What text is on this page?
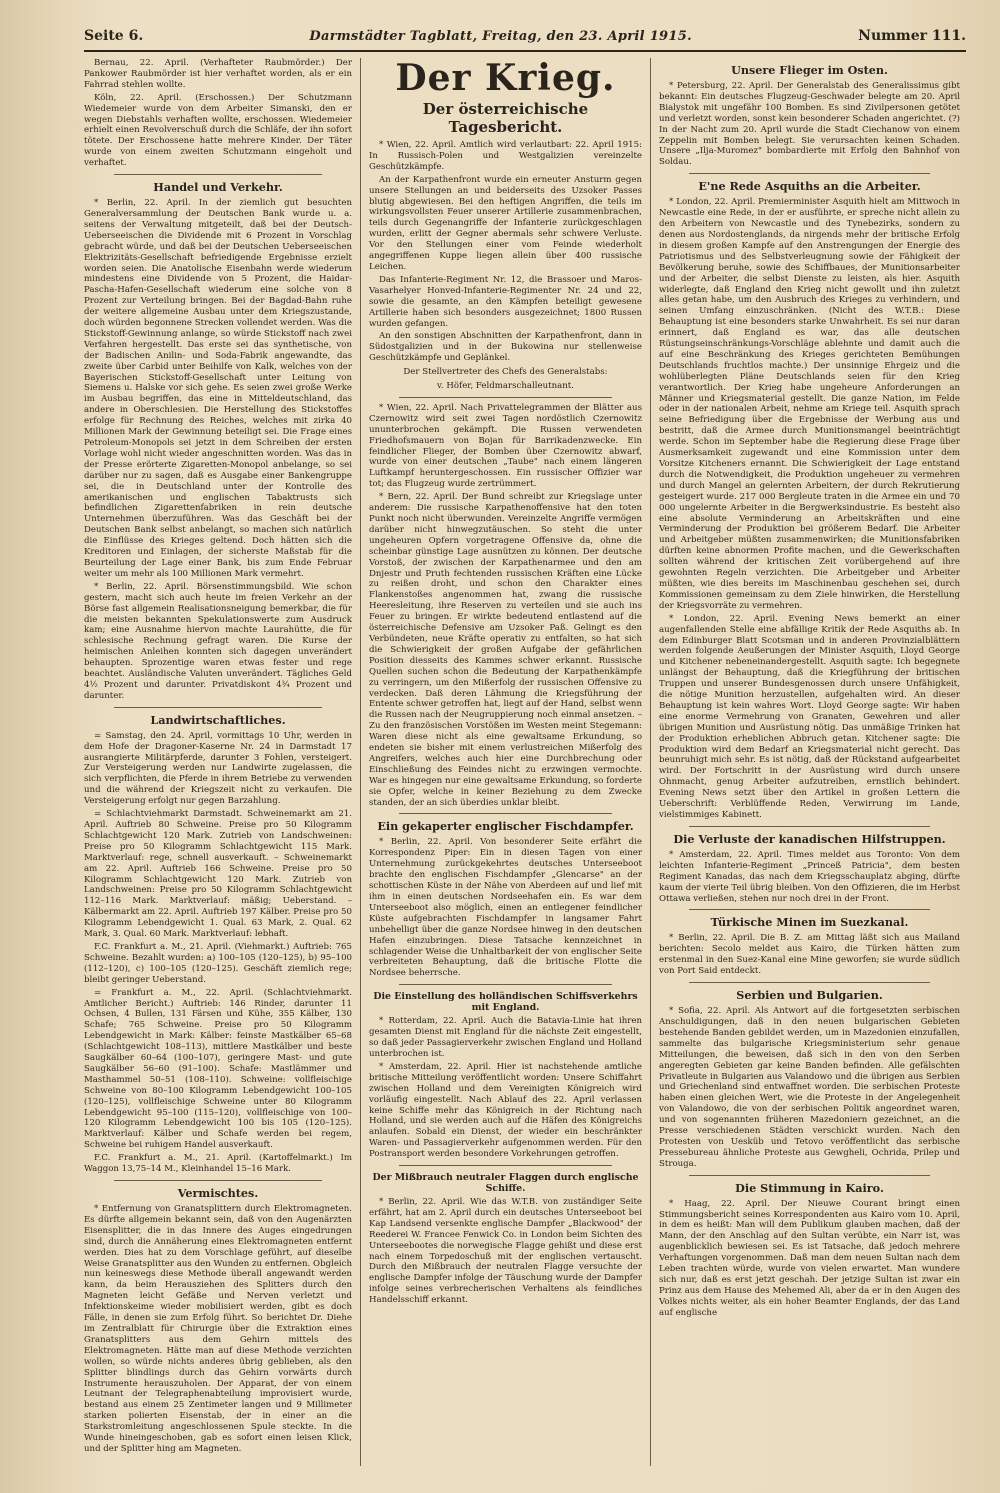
Seite 6.	Darmstädter Tagblatt, Freitag, den 23. April 1915.	Nummer 111.

Bernau, 22. April. (Verhafteter Raubmörder.) Der Pankower Raubmörder ist hier verhaftet worden, als er ein Fahrrad stehlen wollte.

Köln, 22. April. (Erschossen.) Der Schutzmann Wiedemeier wurde von dem Arbeiter Simanski, den er wegen Diebstahls verhaften wollte, erschossen. Wiedemeier erhielt einen Revolverschuß durch die Schläfe, der ihn sofort tötete. Der Erschossene hatte mehrere Kinder. Der Täter wurde von einem zweiten Schutzmann eingeholt und verhaftet.

Handel und Verkehr.

* Berlin, 22. April. In der ziemlich gut besuchten Generalversammlung der Deutschen Bank wurde u. a. seitens der Verwaltung mitgeteilt, daß bei der Deutsch-Ueberseeischen die Dividende mit 6 Prozent in Vorschlag gebracht würde, und daß bei der Deutschen Ueberseeischen Elektrizitäts-Gesellschaft befriedigende Ergebnisse erzielt worden seien. Die Anatolische Eisenbahn werde wiederum mindestens eine Dividende von 5 Prozent, die Haidar-Pascha-Hafen-Gesellschaft wiederum eine solche von 8 Prozent zur Verteilung bringen. Bei der Bagdad-Bahn ruhe der weitere allgemeine Ausbau unter dem Kriegszustande, doch würden begonnene Strecken vollendet werden. Was die Stickstoff-Gewinnung anlange, so würde Stickstoff nach zwei Verfahren hergestellt. Das erste sei das synthetische, von der Badischen Anilin- und Soda-Fabrik angewandte, das zweite über Carbid unter Beihilfe von Kalk, welches von der Bayerischen Stickstoff-Gesellschaft unter Leitung von Siemens u. Halske vor sich gehe. Es seien zwei große Werke im Ausbau begriffen, das eine in Mitteldeutschland, das andere in Oberschlesien. Die Herstellung des Stickstoffes erfolge für Rechnung des Reiches, welches mit zirka 40 Millionen Mark der Gewinnung beteiligt sei. Die Frage eines Petroleum-Monopols sei jetzt in dem Schreiben der ersten Vorlage wohl nicht wieder angeschnitten worden. Was das in der Presse erörterte Zigaretten-Monopol anbelange, so sei darüber nur zu sagen, daß es Ausgabe einer Bankengruppe sei, die in Deutschland unter der Kontrolle des amerikanischen und englischen Tabaktrusts sich befindlichen Zigarettenfabriken in rein deutsche Unternehmen überzuführen. Was das Geschäft bei der Deutschen Bank selbst anbelangt, so machen sich natürlich die Einflüsse des Krieges geltend. Doch hätten sich die Kreditoren und Einlagen, der sicherste Maßstab für die Beurteilung der Lage einer Bank, bis zum Ende Februar weiter um mehr als 100 Millionen Mark vermehrt.

* Berlin, 22. April. Börsenstimmungsbild. Wie schon gestern, macht sich auch heute im freien Verkehr an der Börse fast allgemein Realisationsneigung bemerkbar, die für die meisten bekannten Spekulationswerte zum Ausdruck kam; eine Ausnahme hiervon machte Laurahütte, die für schlesische Rechnung gefragt waren. Die Kurse der heimischen Anleihen konnten sich dagegen unverändert behaupten. Sprozentige waren etwas fester und rege beachtet. Ausländische Valuten unverändert. Tägliches Geld 4½ Prozent und darunter. Privatdiskont 4¾ Prozent und darunter.

Landwirtschaftliches.

= Samstag, den 24. April, vormittags 10 Uhr, werden in dem Hofe der Dragoner-Kaserne Nr. 24 in Darmstadt 17 ausrangierte Militärpferde, darunter 3 Fohlen, versteigert. Zur Versteigerung werden nur Landwirte zugelassen, die sich verpflichten, die Pferde in ihrem Betriebe zu verwenden und die während der Kriegszeit nicht zu verkaufen. Die Versteigerung erfolgt nur gegen Barzahlung.

= Schlachtviehmarkt Darmstadt. Schweinemarkt am 21. April. Auftrieb 80 Schweine. Preise pro 50 Kilogramm Schlachtgewicht 120 Mark. Zutrieb von Landschweinen: Preise pro 50 Kilogramm Schlachtgewicht 115 Mark. Marktverlauf: rege, schnell ausverkauft. – Schweinemarkt am 22. April. Auftrieb 166 Schweine. Preise pro 50 Kilogramm Schlachtgewicht 120 Mark. Zutrieb von Landschweinen: Preise pro 50 Kilogramm Schlachtgewicht 112–116 Mark. Marktverlauf: mäßig; Ueberstand. – Kälbermarkt am 22. April. Auftrieb 197 Kälber. Preise pro 50 Kilogramm Lebendgewicht 1. Qual. 63 Mark, 2. Qual. 62 Mark, 3. Qual. 60 Mark. Marktverlauf: lebhaft.

F.C. Frankfurt a. M., 21. April. (Viehmarkt.) Auftrieb: 765 Schweine. Bezahlt wurden: a) 100–105 (120–125), b) 95–100 (112–120), c) 100–105 (120–125). Geschäft ziemlich rege; bleibt geringer Ueberstand.

= Frankfurt a. M., 22. April. (Schlachtviehmarkt. Amtlicher Bericht.) Auftrieb: 146 Rinder, darunter 11 Ochsen, 4 Bullen, 131 Färsen und Kühe, 355 Kälber, 130 Schafe; 765 Schweine. Preise pro 50 Kilogramm Lebendgewicht in Mark: Kälber: feinste Mastkälber 65–68 (Schlachtgewicht 108–113), mittlere Mastkälber und beste Saugkälber 60–64 (100–107), geringere Mast- und gute Saugkälber 56–60 (91–100). Schafe: Mastlämmer und Masthammel 50–51 (108–110). Schweine: vollfleischige Schweine von 80–100 Kilogramm Lebendgewicht 100–105 (120–125), vollfleischige Schweine unter 80 Kilogramm Lebendgewicht 95–100 (115–120), vollfleischige von 100–120 Kilogramm Lebendgewicht 100 bis 105 (120–125). Marktverlauf: Kälber und Schafe werden bei regem, Schweine bei ruhigem Handel ausverkauft.

F.C. Frankfurt a. M., 21. April. (Kartoffelmarkt.) Im Waggon 13,75–14 M., Kleinhandel 15–16 Mark.

Vermischtes.

* Entfernung von Granatsplittern durch Elektromagneten. Es dürfte allgemein bekannt sein, daß von den Augenärzten Eisensplitter, die in das Innere des Auges eingedrungen sind, durch die Annäherung eines Elektromagneten entfernt werden. Dies hat zu dem Vorschlage geführt, auf dieselbe Weise Granatsplitter aus den Wunden zu entfernen. Obgleich nun keineswegs diese Methode überall angewandt werden kann, da beim Herausziehen des Splitters durch den Magneten leicht Gefäße und Nerven verletzt und Infektionskeime wieder mobilisiert werden, gibt es doch Fälle, in denen sie zum Erfolg führt. So berichtet Dr. Diehe im Zentralblatt für Chirurgie über die Extraktion eines Granatsplitters aus dem Gehirn mittels des Elektromagneten. Hätte man auf diese Methode verzichten wollen, so würde nichts anderes übrig geblieben, als den Splitter blindlings durch das Gehirn vorwärts durch Instrumente herauszuholen. Der Apparat, der von einem Leutnant der Telegraphenabteilung improvisiert wurde, bestand aus einem 25 Zentimeter langen und 9 Millimeter starken polierten Eisenstab, der in einer an die Starkstromleitung angeschlossenen Spule steckte. In die Wunde hineingeschoben, gab es sofort einen leisen Klick, und der Splitter hing am Magneten.

Der Krieg.
Der österreichische Tagesbericht.

* Wien, 22. April. Amtlich wird verlautbart: 22. April 1915: In Russisch-Polen und Westgalizien vereinzelte Geschützkämpfe.

An der Karpathenfront wurde ein erneuter Ansturm gegen unsere Stellungen an und beiderseits des Uzsoker Passes blutig abgewiesen. Bei den heftigen Angriffen, die teils im wirkungsvollsten Feuer unserer Artillerie zusammenbrachen, teils durch Gegenangriffe der Infanterie zurückgeschlagen wurden, erlitt der Gegner abermals sehr schwere Verluste. Vor den Stellungen einer vom Feinde wiederholt angegriffenen Kuppe liegen allein über 400 russische Leichen.

Das Infanterie-Regiment Nr. 12, die Brassoer und Maros-Vasarhelyer Honved-Infanterie-Regimenter Nr. 24 und 22, sowie die gesamte, an den Kämpfen beteiligt gewesene Artillerie haben sich besonders ausgezeichnet; 1800 Russen wurden gefangen.

An den sonstigen Abschnitten der Karpathenfront, dann in Südostgalizien und in der Bukowina nur stellenweise Geschützkämpfe und Geplänkel.

Der Stellvertreter des Chefs des Generalstabs:

v. Höfer, Feldmarschalleutnant.

* Wien, 22. April. Nach Privattelegrammen der Blätter aus Czernowitz wird seit zwei Tagen nordöstlich Czernowitz ununterbrochen gekämpft. Die Russen verwendeten Friedhofsmauern von Bojan für Barrikadenzwecke. Ein feindlicher Flieger, der Bomben über Czernowitz abwarf, wurde von einer deutschen „Taube" nach einem längeren Luftkampf heruntergeschossen. Ein russischer Offizier war tot; das Flugzeug wurde zertrümmert.

* Bern, 22. April. Der Bund schreibt zur Kriegslage unter anderem: Die russische Karpathenoffensive hat den toten Punkt noch nicht überwunden. Vereinzelte Angriffe vermögen darüber nicht hinwegzutäuschen. So steht die unter ungeheuren Opfern vorgetragene Offensive da, ohne die scheinbar günstige Lage ausnützen zu können. Der deutsche Vorstoß, der zwischen der Karpathenarmee und den am Dnjestr und Pruth fechtenden russischen Kräften eine Lücke zu reißen droht, und schon den Charakter eines Flankenstoßes angenommen hat, zwang die russische Heeresleitung, ihre Reserven zu verteilen und sie auch ins Feuer zu bringen. Er wirkte bedeutend entlastend auf die österreichische Defensive am Uzsoker Paß. Gelingt es den Verbündeten, neue Kräfte operativ zu entfalten, so hat sich die Schwierigkeit der großen Aufgabe der gefährlichen Position diesseits des Kammes schwer erkannt. Russische Quellen suchen schon die Bedeutung der Karpathenkämpfe zu verringern, um den Mißerfolg der russischen Offensive zu verdecken. Daß deren Lähmung die Kriegsführung der Entente schwer getroffen hat, liegt auf der Hand, selbst wenn die Russen nach der Neugruppierung noch einmal ansetzen. – Zu den französischen Vorstößen im Westen meint Stegemann: Waren diese nicht als eine gewaltsame Erkundung, so endeten sie bisher mit einem verlustreichen Mißerfolg des Angreifers, welches auch hier eine Durchbrechung oder Einschließung des Feindes nicht zu erzwingen vermochte. War es hingegen nur eine gewaltsame Erkundung, so forderte sie Opfer, welche in keiner Beziehung zu dem Zwecke standen, der an sich überdies unklar bleibt.

Ein gekaperter englischer Fischdampfer.

* Berlin, 22. April. Von besonderer Seite erfährt die Korrespondenz Piper: Ein in diesen Tagen von einer Unternehmung zurückgekehrtes deutsches Unterseeboot brachte den englischen Fischdampfer „Glencarse" an der schottischen Küste in der Nähe von Aberdeen auf und lief mit ihm in einen deutschen Nordseehafen ein. Es war dem Unterseeboot also möglich, einen an entlegener feindlicher Küste aufgebrachten Fischdampfer in langsamer Fahrt unbehelligt über die ganze Nordsee hinweg in den deutschen Hafen einzubringen. Diese Tatsache kennzeichnet in schlagender Weise die Unhaltbarkeit der von englischer Seite verbreiteten Behauptung, daß die britische Flotte die Nordsee beherrsche.

Die Einstellung des holländischen Schiffsverkehrs mit England.

* Rotterdam, 22. April. Auch die Batavia-Linie hat ihren gesamten Dienst mit England für die nächste Zeit eingestellt, so daß jeder Passagierverkehr zwischen England und Holland unterbrochen ist.

* Amsterdam, 22. April. Hier ist nachstehende amtliche britische Mitteilung veröffentlicht worden: Unsere Schiffahrt zwischen Holland und dem Vereinigten Königreich wird vorläufig eingestellt. Nach Ablauf des 22. April verlassen keine Schiffe mehr das Königreich in der Richtung nach Holland, und sie werden auch auf die Häfen des Königreichs anlaufen. Sobald ein Dienst, der wieder ein beschränkter Waren- und Passagierverkehr aufgenommen werden. Für den Postransport werden besondere Vorkehrungen getroffen.

Der Mißbrauch neutraler Flaggen durch englische Schiffe.

* Berlin, 22. April. Wie das W.T.B. von zuständiger Seite erfährt, hat am 2. April durch ein deutsches Unterseeboot bei Kap Landsend versenkte englische Dampfer „Blackwood" der Reederei W. Francee Fenwick Co. in London beim Sichten des Unterseebootes die norwegische Flagge gehißt und diese erst nach einem Torpedoschuß mit der englischen vertauscht. Durch den Mißbrauch der neutralen Flagge versuchte der englische Dampfer infolge der Täuschung wurde der Dampfer infolge seines verbrecherischen Verhaltens als feindliches Handelsschiff erkannt.

Unsere Flieger im Osten.

* Petersburg, 22. April. Der Generalstab des Generalissimus gibt bekannt: Ein deutsches Flugzeug-Geschwader belegte am 20. April Bialystok mit ungefähr 100 Bomben. Es sind Zivilpersonen getötet und verletzt worden, sonst kein besonderer Schaden angerichtet. (?) In der Nacht zum 20. April wurde die Stadt Ciechanow von einem Zeppelin mit Bomben belegt. Sie verursachten keinen Schaden. Unsere „Ilja-Muromez" bombardierte mit Erfolg den Bahnhof von Soldau.

E'ne Rede Asquiths an die Arbeiter.

* London, 22. April. Premierminister Asquith hielt am Mittwoch in Newcastle eine Rede, in der er ausführte, er spreche nicht allein zu den Arbeitern von Newcastle und des Tynebezirks, sondern zu denen aus Nordostenglands, da nirgends mehr der britische Erfolg in diesem großen Kampfe auf den Anstrengungen der Energie des Patriotismus und des Selbstverleugnung sowie der Fähigkeit der Bevölkerung beruhe, sowie des Schiffbaues, der Munitionsarbeiter und der Arbeiter, die selbst Dienste zu leisten, als hier. Asquith widerlegte, daß England den Krieg nicht gewollt und ihn zuletzt alles getan habe, um den Ausbruch des Krieges zu verhindern, und seinen Umfang einzuschränken. (Nicht des W.T.B.: Diese Behauptung ist eine besonders starke Unwahrheit. Es sei nur daran erinnert, daß England es war, das alle deutschen Rüstungseinschränkungs-Vorschläge ablehnte und damit auch die auf eine Beschränkung des Krieges gerichteten Bemühungen Deutschlands fruchtlos machte.) Der unsinnige Ehrgeiz und die wohlüberlegten Pläne Deutschlands seien für den Krieg verantwortlich. Der Krieg habe ungeheure Anforderungen an Männer und Kriegsmaterial gestellt. Die ganze Nation, im Felde oder in der nationalen Arbeit, nehme am Kriege teil. Asquith sprach seine Befriedigung über die Ergebnisse der Werbung aus und bestritt, daß die Armee durch Munitionsmangel beeinträchtigt werde. Schon im September habe die Regierung diese Frage über Ausmerksamkeit zugewandt und eine Kommission unter dem Vorsitze Kitcheners ernannt. Die Schwierigkeit der Lage entstand durch die Notwendigkeit, die Produktion ungeheuer zu vermehren und durch Mangel an gelernten Arbeitern, der durch Rekrutierung gesteigert wurde. 217 000 Bergleute traten in die Armee ein und 70 000 ungelernte Arbeiter in die Bergwerksindustrie. Es besteht also eine absolute Verminderung an Arbeitskräften und eine Verminderung der Produktion bei größerem Bedarf. Die Arbeiter und Arbeitgeber müßten zusammenwirken; die Munitionsfabriken dürften keine abnormen Profite machen, und die Gewerkschaften sollten während der kritischen Zeit vorübergehend auf ihre gewohnten Regeln verzichten. Die Arbeitgeber und Arbeiter müßten, wie dies bereits im Maschinenbau geschehen sei, durch Kommissionen gemeinsam zu dem Ziele hinwirken, die Herstellung der Kriegsvorräte zu vermehren.

* London, 22. April. Evening News bemerkt an einer augenfallenden Stelle eine abfällige Kritik der Rede Asquiths ab. In dem Edinburger Blatt Scotsman und in anderen Provinzialblättern werden folgende Aeußerungen der Minister Asquith, Lloyd George und Kitchener nebeneinandergestellt. Asquith sagte: Ich begegnete unlängst der Behauptung, daß die Kriegführung der britischen Truppen und unserer Bundesgenossen durch unsere Unfähigkeit, die nötige Munition herzustellen, aufgehalten wird. An dieser Behauptung ist kein wahres Wort. Lloyd George sagte: Wir haben eine enorme Vermehrung von Granaten, Gewehren und aller übrigen Munition und Ausrüstung nötig. Das unmäßige Trinken hat der Produktion erheblichen Abbruch getan. Kitchener sagte: Die Produktion wird dem Bedarf an Kriegsmaterial nicht gerecht. Das beunruhigt mich sehr. Es ist nötig, daß der Rückstand aufgearbeitet wird. Der Fortschritt in der Ausrüstung wird durch unsere Ohnmacht, genug Arbeiter aufzutreiben, ernstlich behindert. Evening News setzt über den Artikel in großen Lettern die Ueberschrift: Verblüffende Reden, Verwirrung im Lande, vielstimmiges Kabinett.

Die Verluste der kanadischen Hilfstruppen.

* Amsterdam, 22. April. Times meldet aus Toronto: Von dem leichten Infanterie-Regiment „Princeß Patricia", dem besten Regiment Kanadas, das nach dem Kriegsschauplatz abging, dürfte kaum der vierte Teil übrig bleiben. Von den Offizieren, die im Herbst Ottawa verließen, stehen nur noch drei in der Front.

Türkische Minen im Suezkanal.

* Berlin, 22. April. Die B. Z. am Mittag läßt sich aus Mailand berichten: Secolo meldet aus Kairo, die Türken hätten zum erstenmal in den Suez-Kanal eine Mine geworfen; sie wurde südlich von Port Said entdeckt.

Serbien und Bulgarien.

* Sofia, 22. April. Als Antwort auf die fortgesetzten serbischen Anschuldigungen, daß in den neuen bulgarischen Gebieten bestehende Banden gebildet werden, um in Mazedonien einzufallen, sammelte das bulgarische Kriegsministerium sehr genaue Mitteilungen, die beweisen, daß sich in den von den Serben angeregten Gebieten gar keine Banden befinden. Alle gefälschten Privatleute in Bulgarien aus Valandowo und die übrigen aus Serbien und Griechenland sind entwaffnet worden. Die serbischen Proteste haben einen gleichen Wert, wie die Proteste in der Angelegenheit von Valandowo, die von der serbischen Politik angeordnet waren, und von sogenannten früheren Mazedoniern gezeichnet, an die Presse verschiedenen Städten verschickt wurden. Nach den Protesten von Uesküb und Tetovo veröffentlicht das serbische Pressebureau ähnliche Proteste aus Gewgheli, Ochrida, Prilep und Strouga.

Die Stimmung in Kairo.

* Haag, 22. April. Der Nieuwe Courant bringt einen Stimmungsbericht seines Korrespondenten aus Kairo vom 10. April, in dem es heißt: Man will dem Publikum glauben machen, daß der Mann, der den Anschlag auf den Sultan verübte, ein Narr ist, was augenblicklich bewiesen sei. Es ist Tatsache, daß jedoch mehrere Verhaftungen vorgenommen. Daß man dem neuen Sultan nach dem Leben trachten würde, wurde von vielen erwartet. Man wundere sich nur, daß es erst jetzt geschah. Der jetzige Sultan ist zwar ein Prinz aus dem Hause des Mehemed Ali, aber da er in den Augen des Volkes nichts weiter, als ein hoher Beamter Englands, der das Land auf englische
